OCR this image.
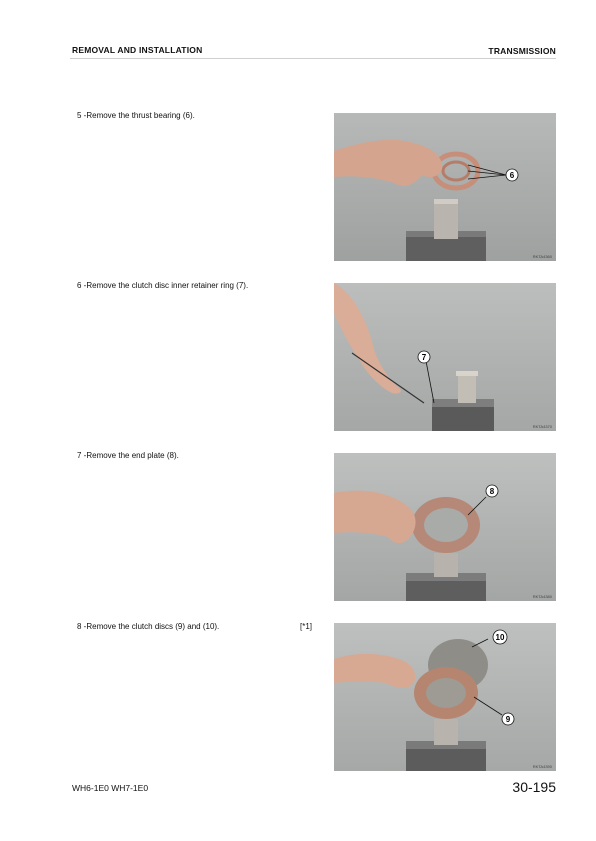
REMOVAL AND INSTALLATION	TRANSMISSION
5 -Remove the thrust bearing (6).
6
RKTA4360
6 -Remove the clutch disc inner retainer ring (7).
7
RKTA4370
7 -Remove the end plate (8).
8
RKTA4380
8 -Remove the clutch discs (9) and (10).	[*1]
10
9
RKTA4390
WH6-1E0 WH7-1E0	30-195
